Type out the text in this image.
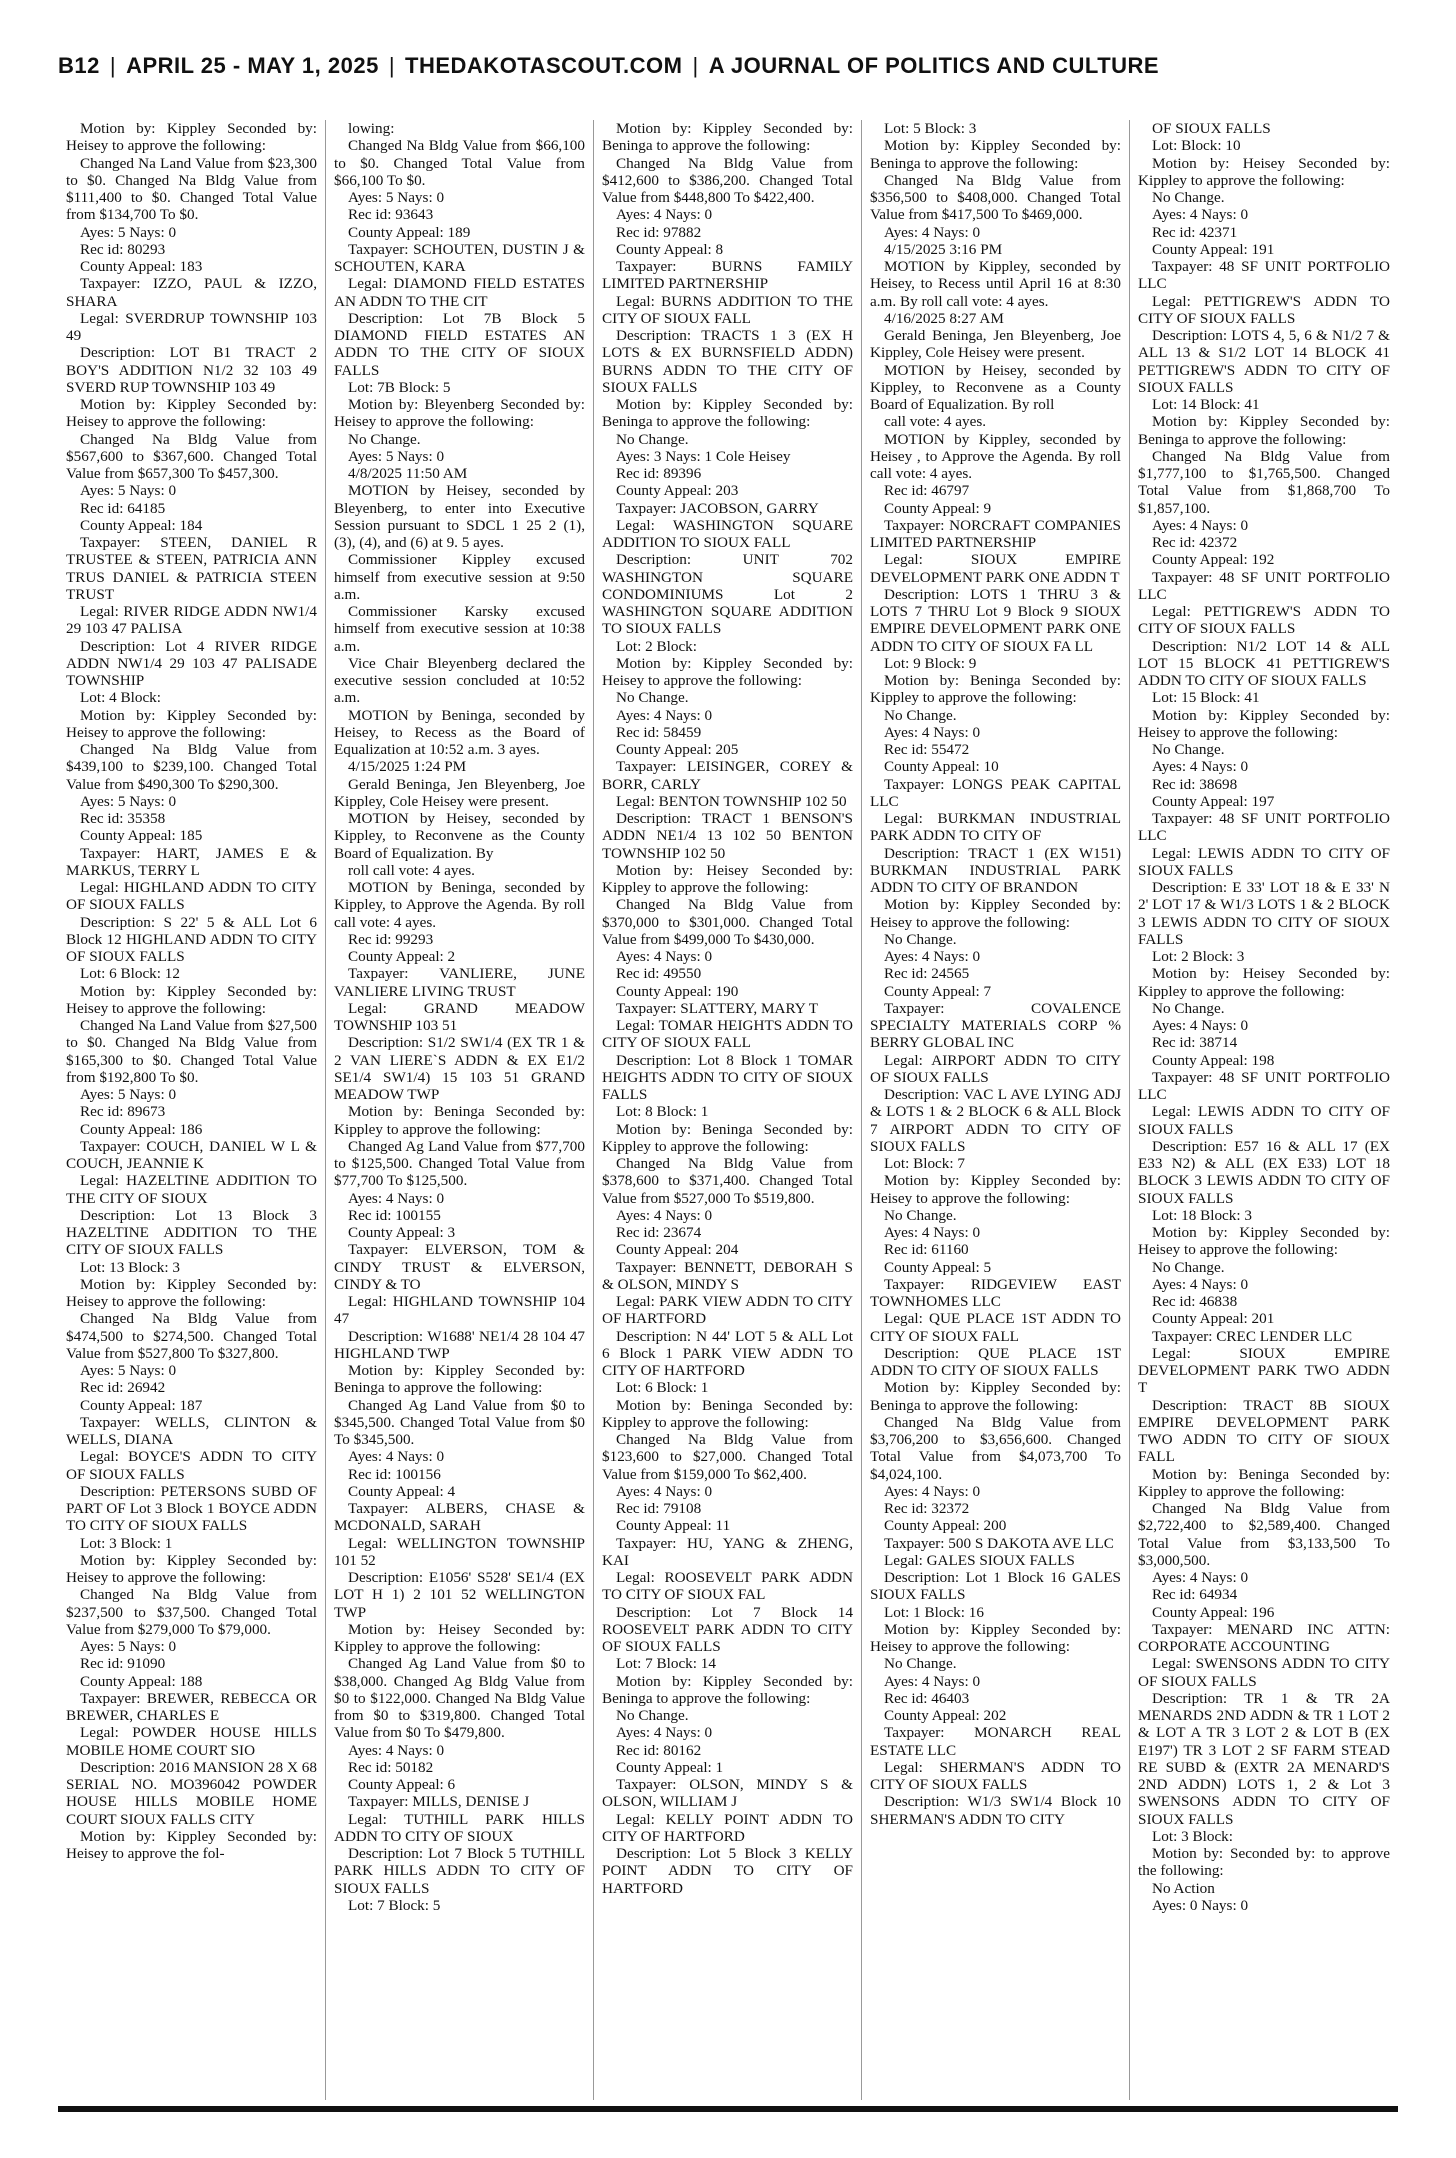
B12 | APRIL 25 - MAY 1, 2025 | THEDAKOTASCOUT.COM | A JOURNAL OF POLITICS AND CULTURE

Motion by: Kippley Seconded by: Heisey to approve the following:

Changed Na Land Value from $23,300 to $0. Changed Na Bldg Value from $111,400 to $0. Changed Total Value from $134,700 To $0.

Ayes: 5 Nays: 0

Rec id: 80293

County Appeal: 183

Taxpayer: IZZO, PAUL & IZZO, SHARA

Legal: SVERDRUP TOWNSHIP 103 49

Description: LOT B1 TRACT 2 BOY'S ADDITION N1/2 32 103 49 SVERD RUP TOWNSHIP 103 49

Motion by: Kippley Seconded by: Heisey to approve the following:

Changed Na Bldg Value from $567,600 to $367,600. Changed Total Value from $657,300 To $457,300.

Ayes: 5 Nays: 0

Rec id: 64185

County Appeal: 184

Taxpayer: STEEN, DANIEL R TRUSTEE & STEEN, PATRICIA ANN TRUS DANIEL & PATRICIA STEEN TRUST

Legal: RIVER RIDGE ADDN NW1/4 29 103 47 PALISA

Description: Lot 4 RIVER RIDGE ADDN NW1/4 29 103 47 PALISADE TOWNSHIP

Lot: 4 Block:

Motion by: Kippley Seconded by: Heisey to approve the following:

Changed Na Bldg Value from $439,100 to $239,100. Changed Total Value from $490,300 To $290,300.

Ayes: 5 Nays: 0

Rec id: 35358

County Appeal: 185

Taxpayer: HART, JAMES E & MARKUS, TERRY L

Legal: HIGHLAND ADDN TO CITY OF SIOUX FALLS

Description: S 22' 5 & ALL Lot 6 Block 12 HIGHLAND ADDN TO CITY OF SIOUX FALLS

Lot: 6 Block: 12

Motion by: Kippley Seconded by: Heisey to approve the following:

Changed Na Land Value from $27,500 to $0. Changed Na Bldg Value from $165,300 to $0. Changed Total Value from $192,800 To $0.

Ayes: 5 Nays: 0

Rec id: 89673

County Appeal: 186

Taxpayer: COUCH, DANIEL W L & COUCH, JEANNIE K

Legal: HAZELTINE ADDITION TO THE CITY OF SIOUX

Description: Lot 13 Block 3 HAZELTINE ADDITION TO THE CITY OF SIOUX FALLS

Lot: 13 Block: 3

Motion by: Kippley Seconded by: Heisey to approve the following:

Changed Na Bldg Value from $474,500 to $274,500. Changed Total Value from $527,800 To $327,800.

Ayes: 5 Nays: 0

Rec id: 26942

County Appeal: 187

Taxpayer: WELLS, CLINTON & WELLS, DIANA

Legal: BOYCE'S ADDN TO CITY OF SIOUX FALLS

Description: PETERSONS SUBD OF PART OF Lot 3 Block 1 BOYCE ADDN TO CITY OF SIOUX FALLS

Lot: 3 Block: 1

Motion by: Kippley Seconded by: Heisey to approve the following:

Changed Na Bldg Value from $237,500 to $37,500. Changed Total Value from $279,000 To $79,000.

Ayes: 5 Nays: 0

Rec id: 91090

County Appeal: 188

Taxpayer: BREWER, REBECCA OR BREWER, CHARLES E

Legal: POWDER HOUSE HILLS MOBILE HOME COURT SIO

Description: 2016 MANSION 28 X 68 SERIAL NO. MO396042 POWDER HOUSE HILLS MOBILE HOME COURT SIOUX FALLS CITY

Motion by: Kippley Seconded by: Heisey to approve the fol-

lowing:

Changed Na Bldg Value from $66,100 to $0. Changed Total Value from $66,100 To $0.

Ayes: 5 Nays: 0

Rec id: 93643

County Appeal: 189

Taxpayer: SCHOUTEN, DUSTIN J & SCHOUTEN, KARA

Legal: DIAMOND FIELD ESTATES AN ADDN TO THE CIT

Description: Lot 7B Block 5 DIAMOND FIELD ESTATES AN ADDN TO THE CITY OF SIOUX FALLS

Lot: 7B Block: 5

Motion by: Bleyenberg Seconded by: Heisey to approve the following:

No Change.

Ayes: 5 Nays: 0

4/8/2025 11:50 AM

MOTION by Heisey, seconded by Bleyenberg, to enter into Executive Session pursuant to SDCL 1 25 2 (1), (3), (4), and (6) at 9. 5 ayes.

Commissioner Kippley excused himself from executive session at 9:50 a.m.

Commissioner Karsky excused himself from executive session at 10:38 a.m.

Vice Chair Bleyenberg declared the executive session concluded at 10:52 a.m.

MOTION by Beninga, seconded by Heisey, to Recess as the Board of Equalization at 10:52 a.m. 3 ayes.

4/15/2025 1:24 PM

Gerald Beninga, Jen Bleyenberg, Joe Kippley, Cole Heisey were present.

MOTION by Heisey, seconded by Kippley, to Reconvene as the County Board of Equalization. By

roll call vote: 4 ayes.

MOTION by Beninga, seconded by Kippley, to Approve the Agenda. By roll call vote: 4 ayes.

Rec id: 99293

County Appeal: 2

Taxpayer: VANLIERE, JUNE VANLIERE LIVING TRUST

Legal: GRAND MEADOW TOWNSHIP 103 51

Description: S1/2 SW1/4 (EX TR 1 & 2 VAN LIERE`S ADDN & EX E1/2 SE1/4 SW1/4) 15 103 51 GRAND MEADOW TWP

Motion by: Beninga Seconded by: Kippley to approve the following:

Changed Ag Land Value from $77,700 to $125,500. Changed Total Value from $77,700 To $125,500.

Ayes: 4 Nays: 0

Rec id: 100155

County Appeal: 3

Taxpayer: ELVERSON, TOM & CINDY TRUST & ELVERSON, CINDY & TO

Legal: HIGHLAND TOWNSHIP 104 47

Description: W1688' NE1/4 28 104 47 HIGHLAND TWP

Motion by: Kippley Seconded by: Beninga to approve the following:

Changed Ag Land Value from $0 to $345,500. Changed Total Value from $0 To $345,500.

Ayes: 4 Nays: 0

Rec id: 100156

County Appeal: 4

Taxpayer: ALBERS, CHASE & MCDONALD, SARAH

Legal: WELLINGTON TOWNSHIP 101 52

Description: E1056' S528' SE1/4 (EX LOT H 1) 2 101 52 WELLINGTON TWP

Motion by: Heisey Seconded by: Kippley to approve the following:

Changed Ag Land Value from $0 to $38,000. Changed Ag Bldg Value from $0 to $122,000. Changed Na Bldg Value from $0 to $319,800. Changed Total Value from $0 To $479,800.

Ayes: 4 Nays: 0

Rec id: 50182

County Appeal: 6

Taxpayer: MILLS, DENISE J

Legal: TUTHILL PARK HILLS ADDN TO CITY OF SIOUX

Description: Lot 7 Block 5 TUTHILL PARK HILLS ADDN TO CITY OF SIOUX FALLS

Lot: 7 Block: 5

Motion by: Kippley Seconded by: Beninga to approve the following:

Changed Na Bldg Value from $412,600 to $386,200. Changed Total Value from $448,800 To $422,400.

Ayes: 4 Nays: 0

Rec id: 97882

County Appeal: 8

Taxpayer: BURNS FAMILY LIMITED PARTNERSHIP

Legal: BURNS ADDITION TO THE CITY OF SIOUX FALL

Description: TRACTS 1 3 (EX H LOTS & EX BURNSFIELD ADDN) BURNS ADDN TO THE CITY OF SIOUX FALLS

Motion by: Kippley Seconded by: Beninga to approve the following:

No Change.

Ayes: 3 Nays: 1 Cole Heisey

Rec id: 89396

County Appeal: 203

Taxpayer: JACOBSON, GARRY

Legal: WASHINGTON SQUARE ADDITION TO SIOUX FALL

Description: UNIT 702 WASHINGTON SQUARE CONDOMINIUMS Lot 2 WASHINGTON SQUARE ADDITION TO SIOUX FALLS

Lot: 2 Block:

Motion by: Kippley Seconded by: Heisey to approve the following:

No Change.

Ayes: 4 Nays: 0

Rec id: 58459

County Appeal: 205

Taxpayer: LEISINGER, COREY & BORR, CARLY

Legal: BENTON TOWNSHIP 102 50

Description: TRACT 1 BENSON'S ADDN NE1/4 13 102 50 BENTON TOWNSHIP 102 50

Motion by: Heisey Seconded by: Kippley to approve the following:

Changed Na Bldg Value from $370,000 to $301,000. Changed Total Value from $499,000 To $430,000.

Ayes: 4 Nays: 0

Rec id: 49550

County Appeal: 190

Taxpayer: SLATTERY, MARY T

Legal: TOMAR HEIGHTS ADDN TO CITY OF SIOUX FALL

Description: Lot 8 Block 1 TOMAR HEIGHTS ADDN TO CITY OF SIOUX FALLS

Lot: 8 Block: 1

Motion by: Beninga Seconded by: Kippley to approve the following:

Changed Na Bldg Value from $378,600 to $371,400. Changed Total Value from $527,000 To $519,800.

Ayes: 4 Nays: 0

Rec id: 23674

County Appeal: 204

Taxpayer: BENNETT, DEBORAH S & OLSON, MINDY S

Legal: PARK VIEW ADDN TO CITY OF HARTFORD

Description: N 44' LOT 5 & ALL Lot 6 Block 1 PARK VIEW ADDN TO CITY OF HARTFORD

Lot: 6 Block: 1

Motion by: Beninga Seconded by: Kippley to approve the following:

Changed Na Bldg Value from $123,600 to $27,000. Changed Total Value from $159,000 To $62,400.

Ayes: 4 Nays: 0

Rec id: 79108

County Appeal: 11

Taxpayer: HU, YANG & ZHENG, KAI

Legal: ROOSEVELT PARK ADDN TO CITY OF SIOUX FAL

Description: Lot 7 Block 14 ROOSEVELT PARK ADDN TO CITY OF SIOUX FALLS

Lot: 7 Block: 14

Motion by: Kippley Seconded by: Beninga to approve the following:

No Change.

Ayes: 4 Nays: 0

Rec id: 80162

County Appeal: 1

Taxpayer: OLSON, MINDY S & OLSON, WILLIAM J

Legal: KELLY POINT ADDN TO CITY OF HARTFORD

Description: Lot 5 Block 3 KELLY POINT ADDN TO CITY OF HARTFORD

Lot: 5 Block: 3

Motion by: Kippley Seconded by: Beninga to approve the following:

Changed Na Bldg Value from $356,500 to $408,000. Changed Total Value from $417,500 To $469,000.

Ayes: 4 Nays: 0

4/15/2025 3:16 PM

MOTION by Kippley, seconded by Heisey, to Recess until April 16 at 8:30 a.m. By roll call vote: 4 ayes.

4/16/2025 8:27 AM

Gerald Beninga, Jen Bleyenberg, Joe Kippley, Cole Heisey were present.

MOTION by Heisey, seconded by Kippley, to Reconvene as a County Board of Equalization. By roll

call vote: 4 ayes.

MOTION by Kippley, seconded by Heisey , to Approve the Agenda. By roll call vote: 4 ayes.

Rec id: 46797

County Appeal: 9

Taxpayer: NORCRAFT COMPANIES LIMITED PARTNERSHIP

Legal: SIOUX EMPIRE DEVELOPMENT PARK ONE ADDN T

Description: LOTS 1 THRU 3 & LOTS 7 THRU Lot 9 Block 9 SIOUX EMPIRE DEVELOPMENT PARK ONE ADDN TO CITY OF SIOUX FA LL

Lot: 9 Block: 9

Motion by: Beninga Seconded by: Kippley to approve the following:

No Change.

Ayes: 4 Nays: 0

Rec id: 55472

County Appeal: 10

Taxpayer: LONGS PEAK CAPITAL LLC

Legal: BURKMAN INDUSTRIAL PARK ADDN TO CITY OF

Description: TRACT 1 (EX W151) BURKMAN INDUSTRIAL PARK ADDN TO CITY OF BRANDON

Motion by: Kippley Seconded by: Heisey to approve the following:

No Change.

Ayes: 4 Nays: 0

Rec id: 24565

County Appeal: 7

Taxpayer: COVALENCE SPECIALTY MATERIALS CORP % BERRY GLOBAL INC

Legal: AIRPORT ADDN TO CITY OF SIOUX FALLS

Description: VAC L AVE LYING ADJ & LOTS 1 & 2 BLOCK 6 & ALL Block 7 AIRPORT ADDN TO CITY OF SIOUX FALLS

Lot: Block: 7

Motion by: Kippley Seconded by: Heisey to approve the following:

No Change.

Ayes: 4 Nays: 0

Rec id: 61160

County Appeal: 5

Taxpayer: RIDGEVIEW EAST TOWNHOMES LLC

Legal: QUE PLACE 1ST ADDN TO CITY OF SIOUX FALL

Description: QUE PLACE 1ST ADDN TO CITY OF SIOUX FALLS

Motion by: Kippley Seconded by: Beninga to approve the following:

Changed Na Bldg Value from $3,706,200 to $3,656,600. Changed Total Value from $4,073,700 To $4,024,100.

Ayes: 4 Nays: 0

Rec id: 32372

County Appeal: 200

Taxpayer: 500 S DAKOTA AVE LLC

Legal: GALES SIOUX FALLS

Description: Lot 1 Block 16 GALES SIOUX FALLS

Lot: 1 Block: 16

Motion by: Kippley Seconded by: Heisey to approve the following:

No Change.

Ayes: 4 Nays: 0

Rec id: 46403

County Appeal: 202

Taxpayer: MONARCH REAL ESTATE LLC

Legal: SHERMAN'S ADDN TO CITY OF SIOUX FALLS

Description: W1/3 SW1/4 Block 10 SHERMAN'S ADDN TO CITY

OF SIOUX FALLS

Lot: Block: 10

Motion by: Heisey Seconded by: Kippley to approve the following:

No Change.

Ayes: 4 Nays: 0

Rec id: 42371

County Appeal: 191

Taxpayer: 48 SF UNIT PORTFOLIO LLC

Legal: PETTIGREW'S ADDN TO CITY OF SIOUX FALLS

Description: LOTS 4, 5, 6 & N1/2 7 & ALL 13 & S1/2 LOT 14 BLOCK 41 PETTIGREW'S ADDN TO CITY OF SIOUX FALLS

Lot: 14 Block: 41

Motion by: Kippley Seconded by: Beninga to approve the following:

Changed Na Bldg Value from $1,777,100 to $1,765,500. Changed Total Value from $1,868,700 To $1,857,100.

Ayes: 4 Nays: 0

Rec id: 42372

County Appeal: 192

Taxpayer: 48 SF UNIT PORTFOLIO LLC

Legal: PETTIGREW'S ADDN TO CITY OF SIOUX FALLS

Description: N1/2 LOT 14 & ALL LOT 15 BLOCK 41 PETTIGREW'S ADDN TO CITY OF SIOUX FALLS

Lot: 15 Block: 41

Motion by: Kippley Seconded by: Heisey to approve the following:

No Change.

Ayes: 4 Nays: 0

Rec id: 38698

County Appeal: 197

Taxpayer: 48 SF UNIT PORTFOLIO LLC

Legal: LEWIS ADDN TO CITY OF SIOUX FALLS

Description: E 33' LOT 18 & E 33' N 2' LOT 17 & W1/3 LOTS 1 & 2 BLOCK 3 LEWIS ADDN TO CITY OF SIOUX FALLS

Lot: 2 Block: 3

Motion by: Heisey Seconded by: Kippley to approve the following:

No Change.

Ayes: 4 Nays: 0

Rec id: 38714

County Appeal: 198

Taxpayer: 48 SF UNIT PORTFOLIO LLC

Legal: LEWIS ADDN TO CITY OF SIOUX FALLS

Description: E57 16 & ALL 17 (EX E33 N2) & ALL (EX E33) LOT 18 BLOCK 3 LEWIS ADDN TO CITY OF SIOUX FALLS

Lot: 18 Block: 3

Motion by: Kippley Seconded by: Heisey to approve the following:

No Change.

Ayes: 4 Nays: 0

Rec id: 46838

County Appeal: 201

Taxpayer: CREC LENDER LLC

Legal: SIOUX EMPIRE DEVELOPMENT PARK TWO ADDN T

Description: TRACT 8B SIOUX EMPIRE DEVELOPMENT PARK TWO ADDN TO CITY OF SIOUX FALL

Motion by: Beninga Seconded by: Kippley to approve the following:

Changed Na Bldg Value from $2,722,400 to $2,589,400. Changed Total Value from $3,133,500 To $3,000,500.

Ayes: 4 Nays: 0

Rec id: 64934

County Appeal: 196

Taxpayer: MENARD INC ATTN: CORPORATE ACCOUNTING

Legal: SWENSONS ADDN TO CITY OF SIOUX FALLS

Description: TR 1 & TR 2A MENARDS 2ND ADDN & TR 1 LOT 2 & LOT A TR 3 LOT 2 & LOT B (EX E197') TR 3 LOT 2 SF FARM STEAD RE SUBD & (EXTR 2A MENARD'S 2ND ADDN) LOTS 1, 2 & Lot 3 SWENSONS ADDN TO CITY OF SIOUX FALLS

Lot: 3 Block:

Motion by: Seconded by: to approve the following:

No Action

Ayes: 0 Nays: 0
